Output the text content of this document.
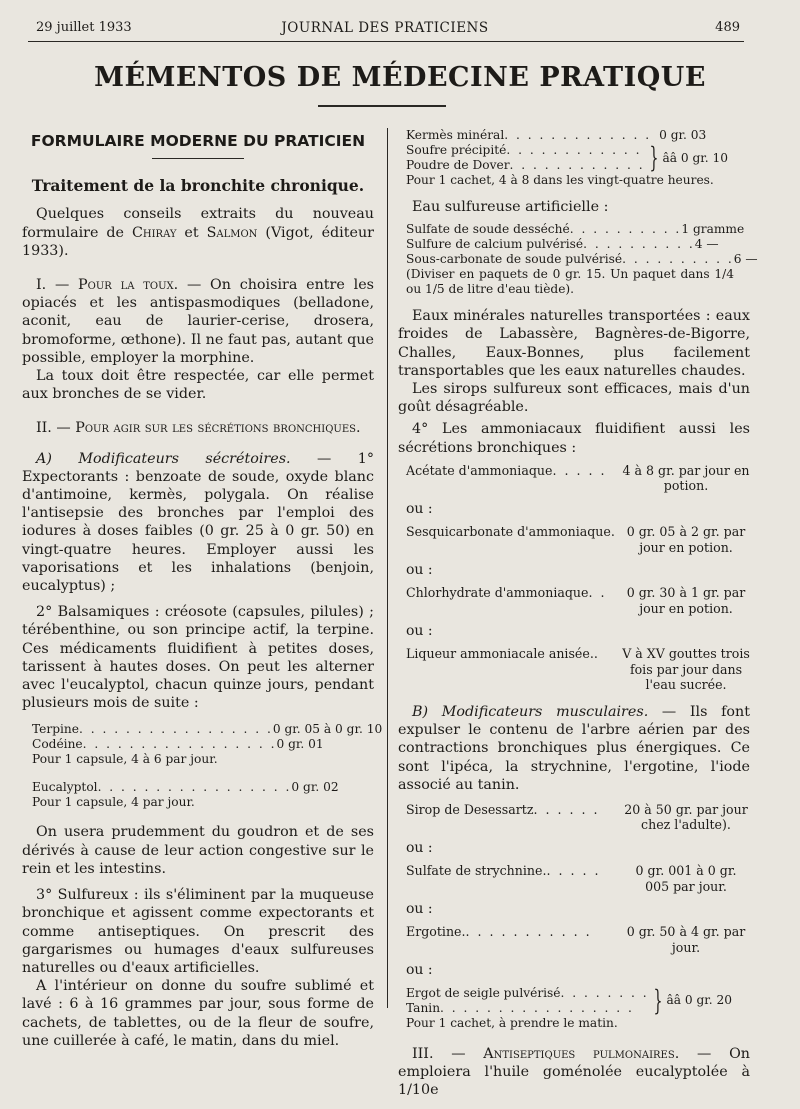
29 juillet 1933	JOURNAL DES PRATICIENS	489
MÉMENTOS DE MÉDECINE PRATIQUE
FORMULAIRE MODERNE DU PRATICIEN
Traitement de la bronchite chronique.

Quelques conseils extraits du nouveau formulaire de Chiray et Salmon (Vigot, éditeur 1933).

I. — Pour la toux. — On choisira entre les opiacés et les antispasmodiques (belladone, aconit, eau de laurier-cerise, drosera, bromoforme, œthone). Il ne faut pas, autant que possible, employer la morphine.

La toux doit être respectée, car elle permet aux bronches de se vider.

II. — Pour agir sur les sécrétions bronchiques.

A) Modificateurs sécrétoires. — 1° Expectorants : benzoate de soude, oxyde blanc d'antimoine, kermès, polygala. On réalise l'antisepsie des bronches par l'emploi des iodures à doses faibles (0 gr. 25 à 0 gr. 50) en vingt-quatre heures. Employer aussi les vaporisations et les inhalations (benjoin, eucalyptus) ;

2° Balsamiques : créosote (capsules, pilules) ; térébenthine, ou son principe actif, la terpine. Ces médicaments fluidifient à petites doses, tarissent à hautes doses. On peut les alterner avec l'eucalyptol, chacun quinze jours, pendant plusieurs mois de suite :

Terpine . . . . . . . . . . . . . . . . . 0 gr. 05 à 0 gr. 10
Codéine . . . . . . . . . . . . . . . . . 0 gr. 01
Pour 1 capsule, 4 à 6 par jour.
Eucalyptol . . . . . . . . . . . . . . . . . 0 gr. 02
Pour 1 capsule, 4 par jour.

On usera prudemment du goudron et de ses dérivés à cause de leur action congestive sur le rein et les intestins.

3° Sulfureux : ils s'éliminent par la muqueuse bronchique et agissent comme expectorants et comme antiseptiques. On prescrit des gargarismes ou humages d'eaux sulfureuses naturelles ou d'eaux artificielles.

A l'intérieur on donne du soufre sublimé et lavé : 6 à 16 grammes par jour, sous forme de cachets, de tablettes, ou de la fleur de soufre, une cuillerée à café, le matin, dans du miel.

Kermès minéral . . . . . . . . . . . . . 0 gr. 03
Soufre précipité . . . . . . . . . . . .
Poudre de Dover . . . . . . . . . . . . } ââ 0 gr. 10
Pour 1 cachet, 4 à 8 dans les vingt-quatre heures.

Eau sulfureuse artificielle :

Sulfate de soude desséché . . . . . . . . . . 1 gramme
Sulfure de calcium pulvérisé . . . . . . . . . . 4 —
Sous-carbonate de soude pulvérisé . . . . . . . . . . 6 —
(Diviser en paquets de 0 gr. 15. Un paquet dans 1/4 ou 1/5 de litre d'eau tiède).

Eaux minérales naturelles transportées : eaux froides de Labassère, Bagnères-de-Bigorre, Challes, Eaux-Bonnes, plus facilement transportables que les eaux naturelles chaudes.

Les sirops sulfureux sont efficaces, mais d'un goût désagréable.

4° Les ammoniacaux fluidifient aussi les sécrétions bronchiques :

Acétate d'ammoniaque . . . . .	4 à 8 gr. par jour en potion.
ou :
Sesquicarbonate d'ammoniaque. 0 gr. 05 à 2 gr. par jour en potion.
ou :
Chlorhydrate d'ammoniaque . .	0 gr. 30 à 1 gr. par jour en potion.
ou :
Liqueur ammoniacale anisée. .	V à XV gouttes trois fois par jour dans l'eau sucrée.

B) Modificateurs musculaires. — Ils font expulser le contenu de l'arbre aérien par des contractions bronchiques plus énergiques. Ce sont l'ipéca, la strychnine, l'ergotine, l'iode associé au tanin.

Sirop de Desessartz . . . . . .	20 à 50 gr. par jour chez l'adulte).
ou :
Sulfate de strychnine. . . . . .	0 gr. 001 à 0 gr. 005 par jour.
ou :
Ergotine. . . . . . . . . . . .	0 gr. 50 à 4 gr. par jour.
ou :
Ergot de seigle pulvérisé . . . . . . . .
Tanin . . . . . . . . . . . . . . . . . } ââ 0 gr. 20
Pour 1 cachet, à prendre le matin.

III. — Antiseptiques pulmonaires. — On emploiera l'huile goménolée eucalyptolée à 1/10e
